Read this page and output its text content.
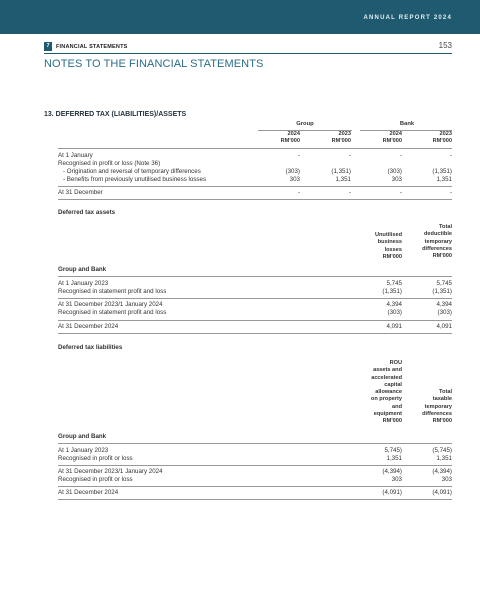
ANNUAL REPORT 2024
7	FINANCIAL STATEMENTS	153
NOTES TO THE FINANCIAL STATEMENTS
13. DEFERRED TAX (LIABILITIES)/ASSETS
Group	Bank
2024
RM'000
2023
RM'000
2024
RM'000
2023
RM'000
At 1 January	-	-	-	-
Recognised in profit or loss (Note 36)
- Origination and reversal of temporary differences	(303)	(1,351)	(303)	(1,351)
- Benefits from previously unutilised business losses	303	1,351	303	1,351
At 31 December	-	-	-	-
Deferred tax assets
Unutilised
business
losses
RM'000
Total
deductible
temporary
differences
RM'000
Group and Bank
At 1 January 2023	5,745	5,745
Recognised in statement profit and loss	(1,351)	(1,351)
At 31 December 2023/1 January 2024	4,394	4,394
Recognised in statement profit and loss	(303)	(303)
At 31 December 2024	4,091	4,091
Deferred tax liabilities
ROU
assets and
accelerated
capital
allowance
on property
and
equipment
RM'000
Total
taxable
temporary
differences
RM'000
Group and Bank
At 1 January 2023	5,745)	(5,745)
Recognised in profit or loss	1,351	1,351
At 31 December 2023/1 January 2024	(4,394)	(4,394)
Recognised in profit or loss	303	303
At 31 December 2024	(4,091)	(4,091)
